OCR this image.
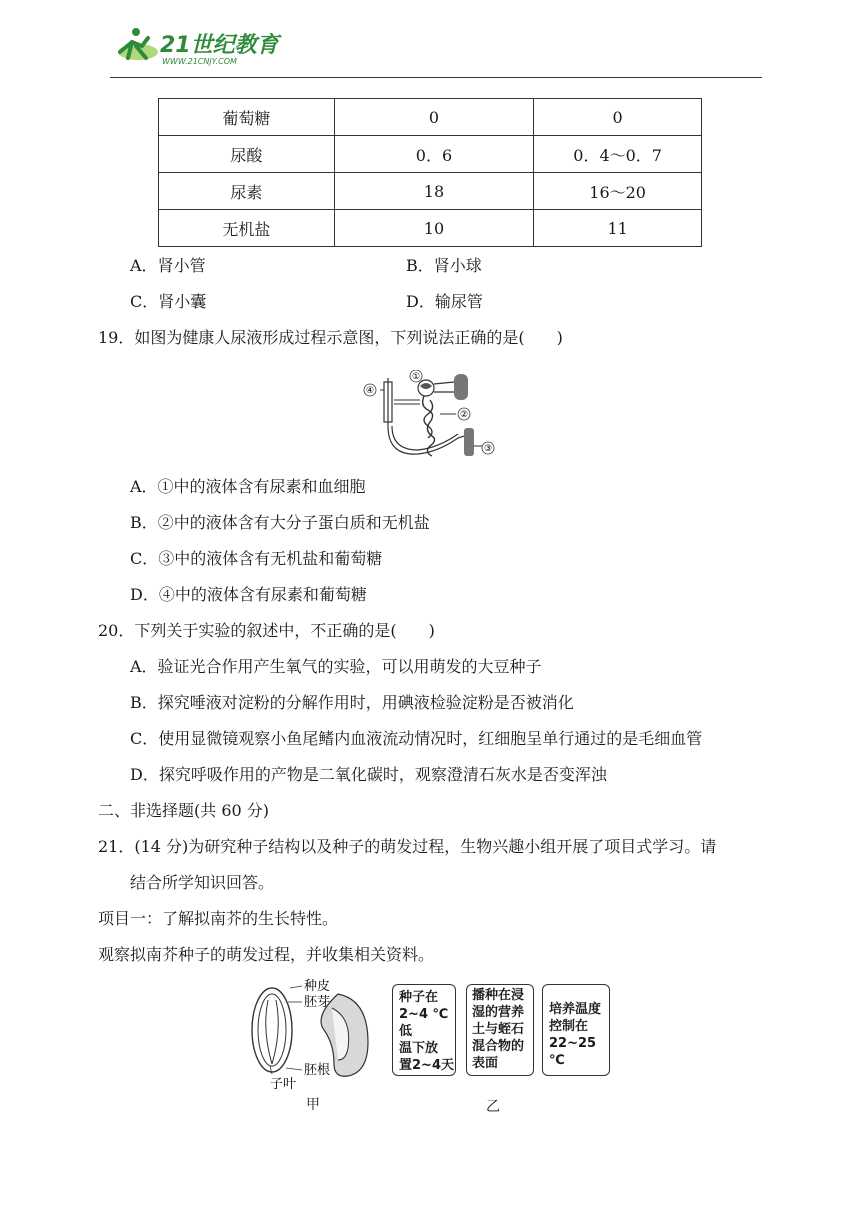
21世纪教育
WWW.21CNJY.COM
葡萄糖	0	0
尿酸	0．6	0．4～0．7
尿素	18	16～20
无机盐	10	11
A．肾小管	B．肾小球
C．肾小囊	D．输尿管
19．如图为健康人尿液形成过程示意图，下列说法正确的是(　　)
④
①
②
③
A．①中的液体含有尿素和血细胞
B．②中的液体含有大分子蛋白质和无机盐
C．③中的液体含有无机盐和葡萄糖
D．④中的液体含有尿素和葡萄糖
20．下列关于实验的叙述中，不正确的是(　　)
A．验证光合作用产生氧气的实验，可以用萌发的大豆种子
B．探究唾液对淀粉的分解作用时，用碘液检验淀粉是否被消化
C．使用显微镜观察小鱼尾鳍内血液流动情况时，红细胞呈单行通过的是毛细血管
D．探究呼吸作用的产物是二氧化碳时，观察澄清石灰水是否变浑浊
二、非选择题(共 60 分)
21．(14 分)为研究种子结构以及种子的萌发过程，生物兴趣小组开展了项目式学习。请
结合所学知识回答。
项目一：了解拟南芥的生长特性。
观察拟南芥种子的萌发过程，并收集相关资料。
种皮
胚芽
胚根
子叶
甲
种子在
2~4 ℃低
温下放
置2~4天
播种在浸
湿的营养
土与蛭石
混合物的
表面
培养温度
控制在
22~25 ℃
乙
